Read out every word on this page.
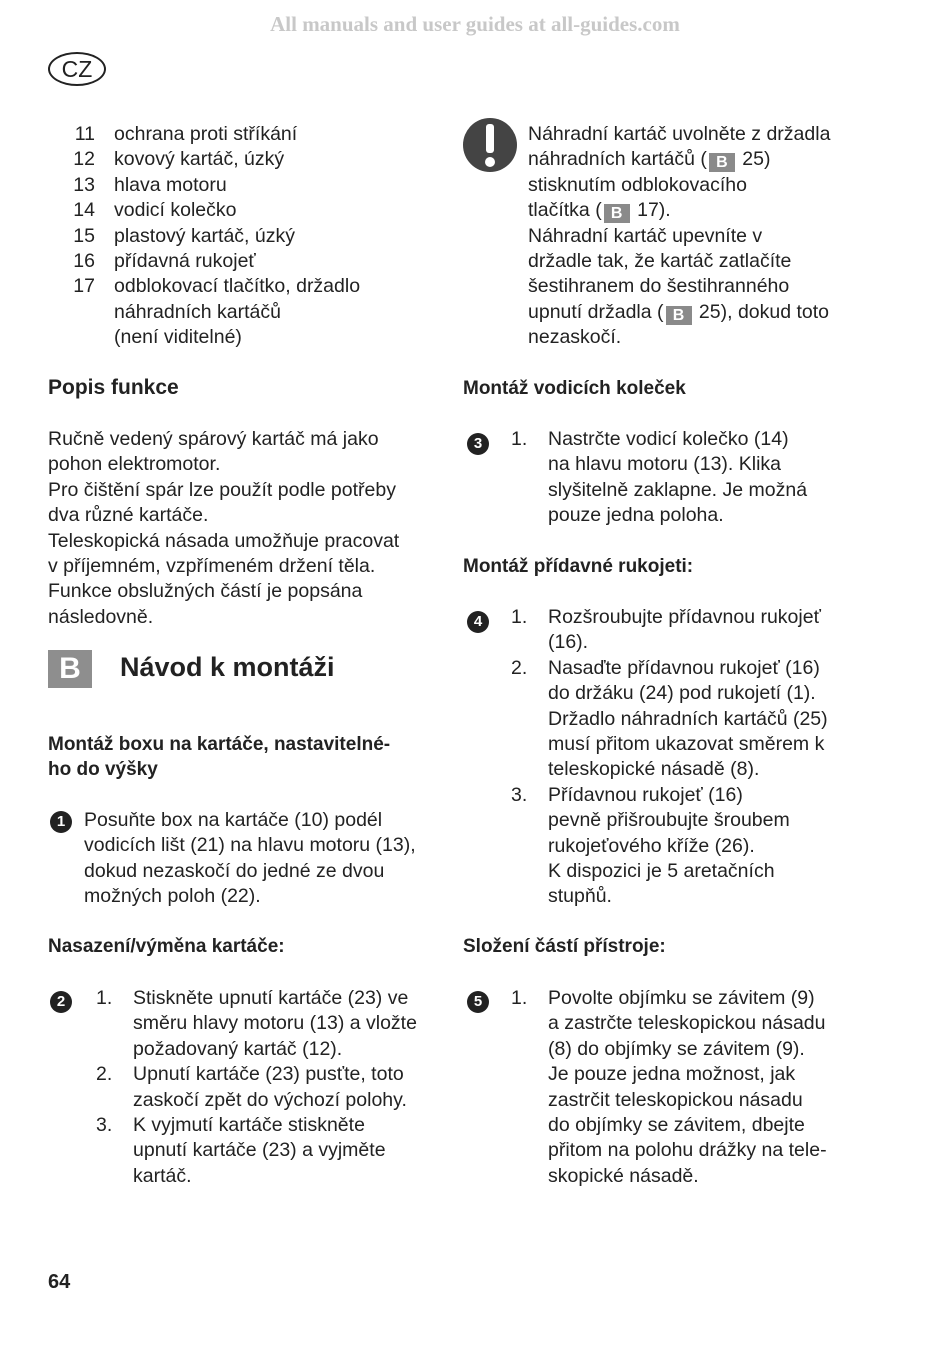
All manuals and user guides at all-guides.com
CZ
11 ochrana proti stříkání
12 kovový kartáč, úzký
13 hlava motoru
14 vodicí kolečko
15 plastový kartáč, úzký
16 přídavná rukojeť
17 odblokovací tlačítko, držadlo
náhradních kartáčů
(není viditelné)
Popis funkce
Ručně vedený spárový kartáč má jako
pohon elektromotor.
Pro čištění spár lze použít podle potřeby
dva různé kartáče.
Teleskopická násada umožňuje pracovat
v příjemném, vzpřímeném držení těla.
Funkce obslužných částí je popsána
následovně.
B	Návod k montáži
Montáž boxu na kartáče, nastavitelné-
ho do výšky
1 Posuňte box na kartáče (10) podél
vodicích lišt (21) na hlavu motoru (13),
dokud nezaskočí do jedné ze dvou
možných poloh (22).
Nasazení/výměna kartáče:
2	1.	Stiskněte upnutí kartáče (23) ve
směru hlavy motoru (13) a vložte
požadovaný kartáč (12).
2.	Upnutí kartáče (23) pusťte, toto
zaskočí zpět do výchozí polohy.
3.	K vyjmutí kartáče stiskněte
upnutí kartáče (23) a vyjměte
kartáč.
Náhradní kartáč uvolněte z držadla
náhradních kartáčů ( B 25)
stisknutím odblokovacího
tlačítka ( B 17).
Náhradní kartáč upevníte v
držadle tak, že kartáč zatlačíte
šestihranem do šestihranného
upnutí držadla ( B 25), dokud toto
nezaskočí.
Montáž vodicích koleček
3	1.	Nastrčte vodicí kolečko (14)
na hlavu motoru (13). Klika
slyšitelně zaklapne. Je možná
pouze jedna poloha.
Montáž přídavné rukojeti:
4	1.	Rozšroubujte přídavnou rukojeť
(16).
2.	Nasaďte přídavnou rukojeť (16)
do držáku (24) pod rukojetí (1).
Držadlo náhradních kartáčů (25)
musí přitom ukazovat směrem k
teleskopické násadě (8).
3.	Přídavnou rukojeť (16)
pevně přišroubujte šroubem
rukojeťového kříže (26).
K dispozici je 5 aretačních
stupňů.
Složení částí přístroje:
5	1.	Povolte objímku se závitem (9)
a zastrčte teleskopickou násadu
(8) do objímky se závitem (9).
Je pouze jedna možnost, jak
zastrčit teleskopickou násadu
do objímky se závitem, dbejte
přitom na polohu drážky na tele-
skopické násadě.
64
